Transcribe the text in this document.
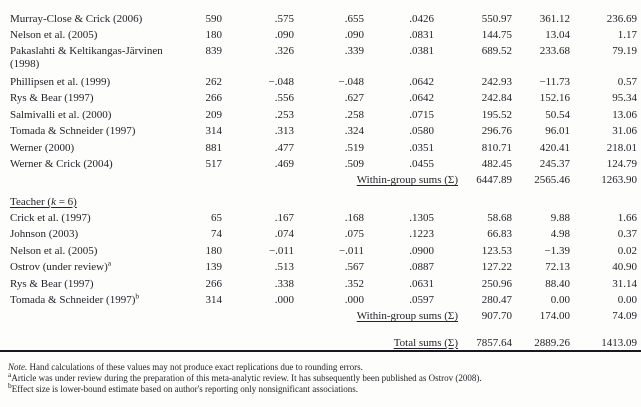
Murray-Close & Crick (2006)	590	.575	.655	.0426	550.97	361.12	236.69
Nelson et al. (2005)	180	.090	.090	.0831	144.75	13.04	1.17
Pakaslahti & Keltikangas-Järvinen
(1998)
839	.326	.339	.0381	689.52	233.68	79.19
Phillipsen et al. (1999)	262	−.048	−.048	.0642	242.93	−11.73	0.57
Rys & Bear (1997)	266	.556	.627	.0642	242.84	152.16	95.34
Salmivalli et al. (2000)	209	.253	.258	.0715	195.52	50.54	13.06
Tomada & Schneider (1997)	314	.313	.324	.0580	296.76	96.01	31.06
Werner (2000)	881	.477	.519	.0351	810.71	420.41	218.01
Werner & Crick (2004)	517	.469	.509	.0455	482.45	245.37	124.79
Within-group sums (Σ)	6447.89	2565.46	1263.90
Teacher (k = 6)
Crick et al. (1997)	65	.167	.168	.1305	58.68	9.88	1.66
Johnson (2003)	74	.074	.075	.1223	66.83	4.98	0.37
Nelson et al. (2005)	180	−.011	−.011	.0900	123.53	−1.39	0.02
Ostrov (under review)$^a$	139	.513	.567	.0887	127.22	72.13	40.90
Rys & Bear (1997)	266	.338	.352	.0631	250.96	88.40	31.14
Tomada & Schneider $(1997)^b$	314	.000	.000	.0597	280.47	0.00	0.00
Within-group sums (Σ)	907.70	174.00	74.09
Total sums (Σ)	7857.64	2889.26	1413.09
Note. Hand calculations of these values may not produce exact replications due to rounding errors.
$^a$Article was under review during the preparation of this meta-analytic review. It has subsequently been published as Ostrov (2008).
$^b$Effect size is lower-bound estimate based on author's reporting only nonsignificant associations.
